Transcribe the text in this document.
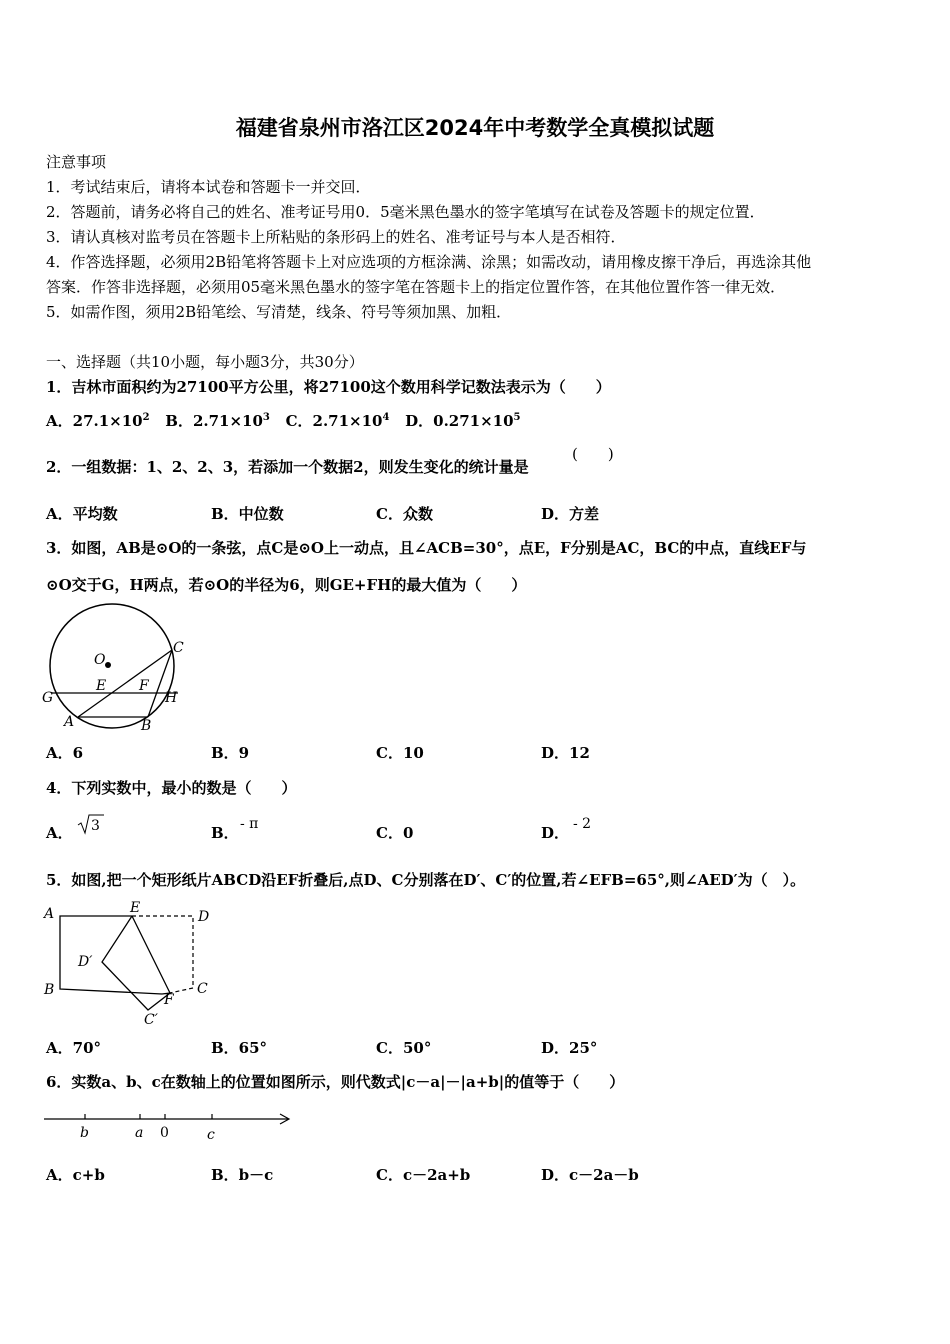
福建省泉州市洛江区2024年中考数学全真模拟试题
注意事项
1．考试结束后，请将本试卷和答题卡一并交回．
2．答题前，请务必将自己的姓名、准考证号用0．5毫米黑色墨水的签字笔填写在试卷及答题卡的规定位置．
3．请认真核对监考员在答题卡上所粘贴的条形码上的姓名、准考证号与本人是否相符．
4．作答选择题，必须用2B铅笔将答题卡上对应选项的方框涂满、涂黑；如需改动，请用橡皮擦干净后，再选涂其他
答案．作答非选择题，必须用05毫米黑色墨水的签字笔在答题卡上的指定位置作答，在其他位置作答一律无效．
5．如需作图，须用2B铅笔绘、写清楚，线条、符号等须加黑、加粗．
一、选择题（共10小题，每小题3分，共30分）
1．吉林市面积约为27100平方公里，将27100这个数用科学记数法表示为（　　）
A．$27.1\times 10^2$ B．$2.71\times 10^3$ C．$2.71\times 10^4$ D．$0.271\times 10^5$
2．一组数据：1、2、2、3，若添加一个数据2，则发生变化的统计量是
(　　)
A．平均数	B．中位数	C．众数	D．方差
3．如图，AB是⊙O的一条弦，点C是⊙O上一动点，且∠ACB=30°，点E，F分别是AC，BC的中点，直线EF与
⊙O交于G，H两点，若⊙O的半径为6，则GE+FH的最大值为（　　）
O
C
E F
G	H
A	B
A．6	B．9	C．10	D．12
4．下列实数中，最小的数是（　　）
A． 3	B． - π	C．0	D． - 2
5．如图,把一个矩形纸片ABCD沿EF折叠后,点D、C分别落在D′、C′的位置,若∠EFB=65°,则∠AED′为（　）。
A	E
D
D′
B	C
F
C′
A．70°	B．65°	C．50°	D．25°
6．实数a、b、c在数轴上的位置如图所示，则代数式|c－a|－|a+b|的值等于（　　）
b	a 0	c
A．c+b	B．b－c	C．c－2a+b	D．c－2a－b
